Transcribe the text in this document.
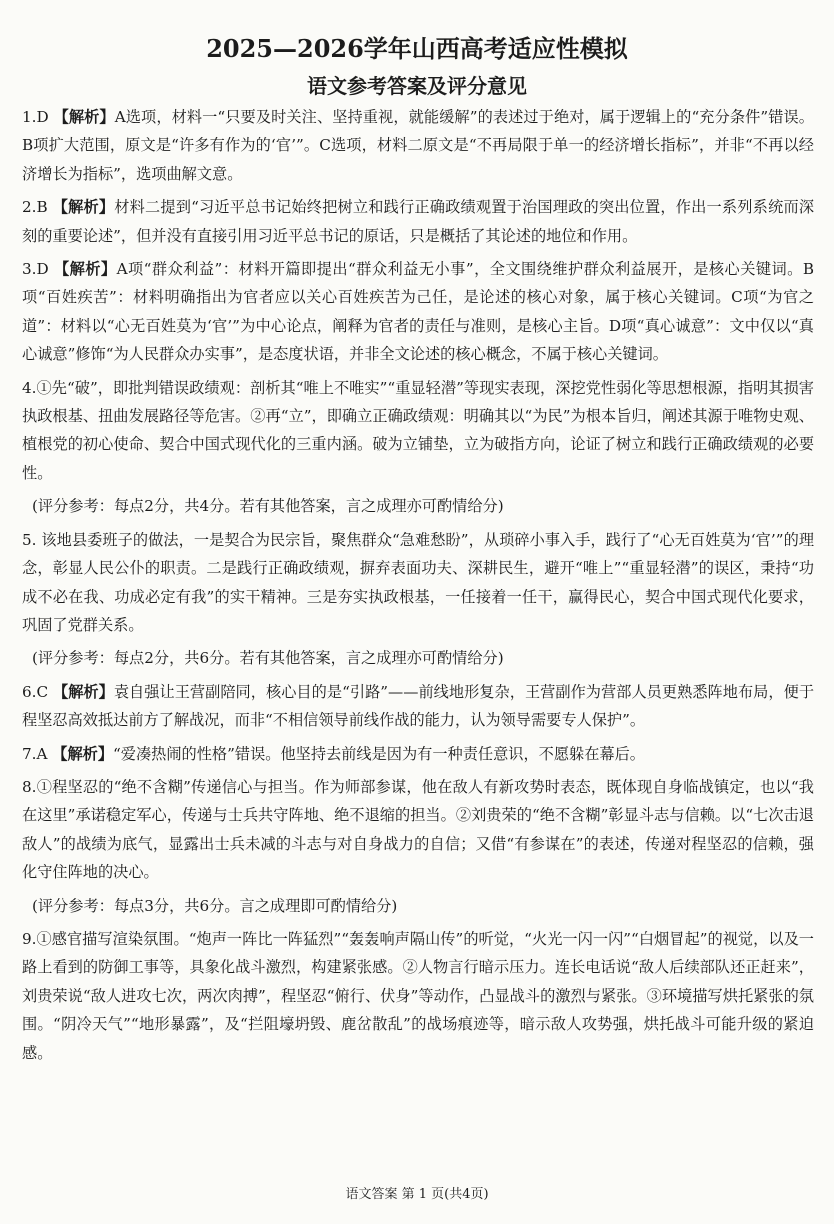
2025—2026学年山西高考适应性模拟
语文参考答案及评分意见

1.D 【解析】A选项，材料一“只要及时关注、坚持重视，就能缓解”的表述过于绝对，属于逻辑上的“充分条件”错误。B项扩大范围，原文是“许多有作为的‘官’”。C选项，材料二原文是“不再局限于单一的经济增长指标”，并非“不再以经济增长为指标”，选项曲解文意。

2.B 【解析】材料二提到“习近平总书记始终把树立和践行正确政绩观置于治国理政的突出位置，作出一系列系统而深刻的重要论述”，但并没有直接引用习近平总书记的原话，只是概括了其论述的地位和作用。

3.D 【解析】A项“群众利益”：材料开篇即提出“群众利益无小事”，全文围绕维护群众利益展开，是核心关键词。B项“百姓疾苦”：材料明确指出为官者应以关心百姓疾苦为己任，是论述的核心对象，属于核心关键词。C项“为官之道”：材料以“心无百姓莫为‘官’”为中心论点，阐释为官者的责任与准则，是核心主旨。D项“真心诚意”：文中仅以“真心诚意”修饰“为人民群众办实事”，是态度状语，并非全文论述的核心概念，不属于核心关键词。

4.①先“破”，即批判错误政绩观：剖析其“唯上不唯实”“重显轻潜”等现实表现，深挖党性弱化等思想根源，指明其损害执政根基、扭曲发展路径等危害。②再“立”，即确立正确政绩观：明确其以“为民”为根本旨归，阐述其源于唯物史观、植根党的初心使命、契合中国式现代化的三重内涵。破为立铺垫，立为破指方向，论证了树立和践行正确政绩观的必要性。

(评分参考：每点2分，共4分。若有其他答案，言之成理亦可酌情给分)

5. 该地县委班子的做法，一是契合为民宗旨，聚焦群众“急难愁盼”，从琐碎小事入手，践行了“心无百姓莫为‘官’”的理念，彰显人民公仆的职责。二是践行正确政绩观，摒弃表面功夫、深耕民生，避开“唯上”“重显轻潜”的误区，秉持“功成不必在我、功成必定有我”的实干精神。三是夯实执政根基，一任接着一任干，赢得民心，契合中国式现代化要求，巩固了党群关系。

(评分参考：每点2分，共6分。若有其他答案，言之成理亦可酌情给分)

6.C 【解析】袁自强让王营副陪同，核心目的是“引路”——前线地形复杂，王营副作为营部人员更熟悉阵地布局，便于程坚忍高效抵达前方了解战况，而非“不相信领导前线作战的能力，认为领导需要专人保护”。

7.A 【解析】“爱凑热闹的性格”错误。他坚持去前线是因为有一种责任意识，不愿躲在幕后。

8.①程坚忍的“绝不含糊”传递信心与担当。作为师部参谋，他在敌人有新攻势时表态，既体现自身临战镇定，也以“我在这里”承诺稳定军心，传递与士兵共守阵地、绝不退缩的担当。②刘贵荣的“绝不含糊”彰显斗志与信赖。以“七次击退敌人”的战绩为底气，显露出士兵未减的斗志与对自身战力的自信；又借“有参谋在”的表述，传递对程坚忍的信赖，强化守住阵地的决心。

(评分参考：每点3分，共6分。言之成理即可酌情给分)

9.①感官描写渲染氛围。“炮声一阵比一阵猛烈”“轰轰响声隔山传”的听觉，“火光一闪一闪”“白烟冒起”的视觉，以及一路上看到的防御工事等，具象化战斗激烈，构建紧张感。②人物言行暗示压力。连长电话说“敌人后续部队还正赶来”，刘贵荣说“敌人进攻七次，两次肉搏”，程坚忍“俯行、伏身”等动作，凸显战斗的激烈与紧张。③环境描写烘托紧张的氛围。“阴冷天气”“地形暴露”，及“拦阻壕坍毁、鹿岔散乱”的战场痕迹等，暗示敌人攻势强，烘托战斗可能升级的紧迫感。

语文答案 第 1 页(共4页)
